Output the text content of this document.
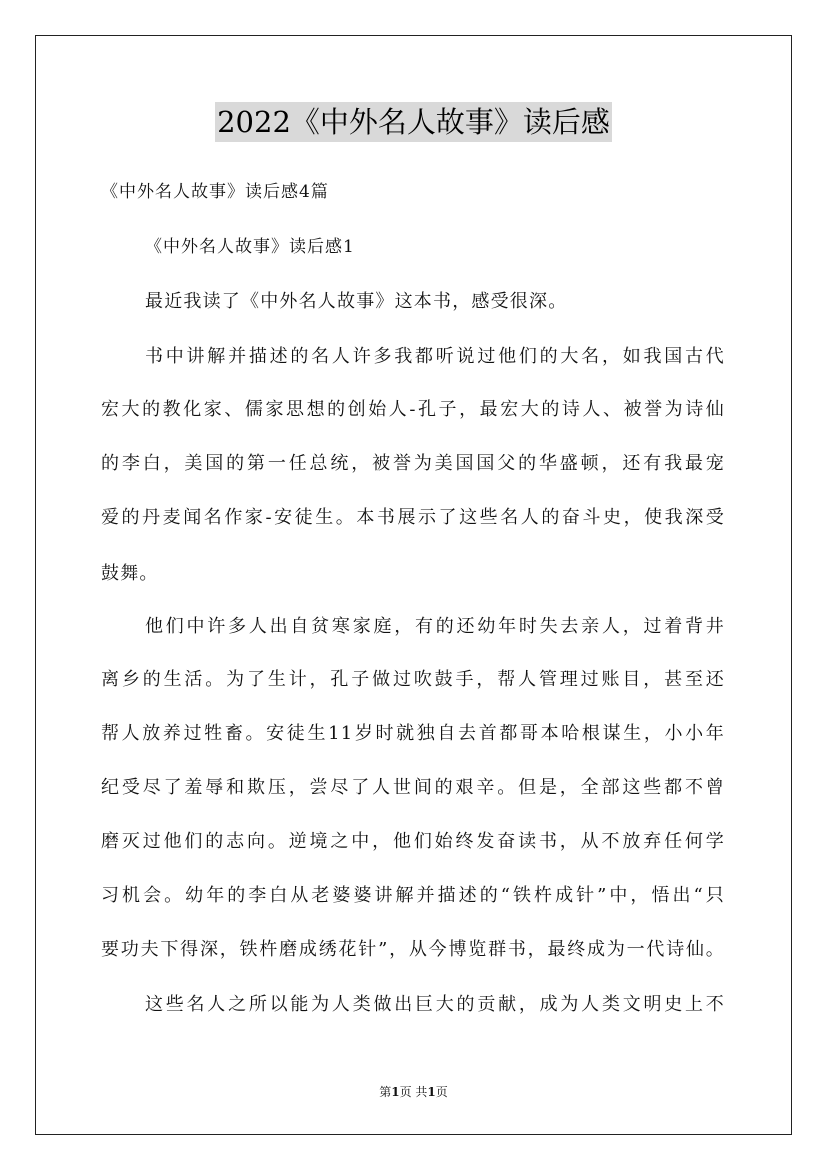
2022《中外名人故事》读后感
《中外名人故事》读后感4篇
《中外名人故事》读后感1
最近我读了《中外名人故事》这本书，感受很深。
书中讲解并描述的名人许多我都听说过他们的大名，如我国古代
宏大的教化家、儒家思想的创始人-孔子，最宏大的诗人、被誉为诗仙
的李白，美国的第一任总统，被誉为美国国父的华盛顿，还有我最宠
爱的丹麦闻名作家-安徒生。本书展示了这些名人的奋斗史，使我深受
鼓舞。
他们中许多人出自贫寒家庭，有的还幼年时失去亲人，过着背井
离乡的生活。为了生计，孔子做过吹鼓手，帮人管理过账目，甚至还
帮人放养过牲畜。安徒生11岁时就独自去首都哥本哈根谋生，小小年
纪受尽了羞辱和欺压，尝尽了人世间的艰辛。但是，全部这些都不曾
磨灭过他们的志向。逆境之中，他们始终发奋读书，从不放弃任何学
习机会。幼年的李白从老婆婆讲解并描述的“铁杵成针”中，悟出“只
要功夫下得深，铁杵磨成绣花针”，从今博览群书，最终成为一代诗仙。
这些名人之所以能为人类做出巨大的贡献，成为人类文明史上不
第1页 共1页
